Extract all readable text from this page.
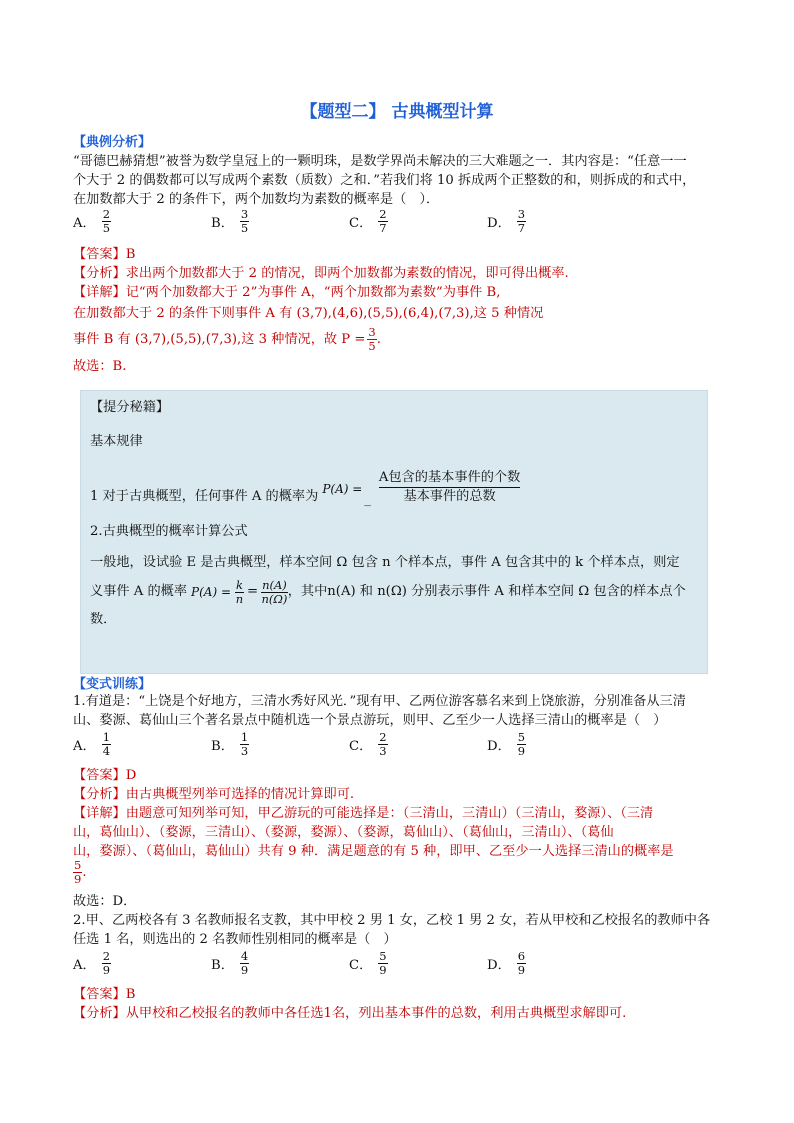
【题型二】 古典概型计算
【典例分析】
“哥德巴赫猜想”被誉为数学皇冠上的一颗明珠，是数学界尚未解决的三大难题之一．其内容是：“任意一一
个大于 2 的偶数都可以写成两个素数（质数）之和．”若我们将 10 拆成两个正整数的和，则拆成的和式中，
在加数都大于 2 的条件下，两个加数均为素数的概率是（　）．
A． $\frac{2}{5}$	B． $\frac{3}{5}$	C． $\frac{2}{7}$	D． $\frac{3}{7}$
【答案】B
【分析】求出两个加数都大于 2 的情况，即两个加数都为素数的情况，即可得出概率.
【详解】记“两个加数都大于 2”为事件 A，“两个加数都为素数”为事件 B,
在加数都大于 2 的条件下则事件 A 有 (3,7),(4,6),(5,5),(6,4),(7,3),这 5 种情况
事件 B 有 (3,7),(5,5),(7,3),这 3 种情况，故 $P = \frac{3}{5}$ .
故选：B.
【提分秘籍】
基本规律
1 对于古典概型，任何事件 A 的概率为 P(A) =
_
A包含的基本事件的个数
基本事件的总数
2.古典概型的概率计算公式
一般地，设试验 E 是古典概型，样本空间 Ω 包含 n 个样本点，事件 A 包含其中的 k 个样本点，则定
义事件 A 的概率 $P(A) = \frac{k}{n} = \frac{n(A)}{n(\Omega)}$ ，其中n(A) 和 n(Ω) 分别表示事件 A 和样本空间 Ω 包含的样本点个
数．
【变式训练】
1.有道是：“上饶是个好地方，三清水秀好风光．”现有甲、乙两位游客慕名来到上饶旅游，分别准备从三清
山、婺源、葛仙山三个著名景点中随机选一个景点游玩，则甲、乙至少一人选择三清山的概率是（　）
A． $\frac{1}{4}$	B． $\frac{1}{3}$	C． $\frac{2}{3}$	D． $\frac{5}{9}$
【答案】D
【分析】由古典概型列举可选择的情况计算即可.
【详解】由题意可知列举可知，甲乙游玩的可能选择是：（三清山，三清山）（三清山，婺源）、（三清
山，葛仙山）、（婺源，三清山）、（婺源，婺源）、（婺源，葛仙山）、（葛仙山，三清山）、（葛仙
山，婺源）、（葛仙山，葛仙山）共有 9 种．满足题意的有 5 种，即甲、乙至少一人选择三清山的概率是
$\frac{5}{9}$ .
故选：D．
2.甲、乙两校各有 3 名教师报名支教，其中甲校 2 男 1 女，乙校 1 男 2 女，若从甲校和乙校报名的教师中各
任选 1 名，则选出的 2 名教师性别相同的概率是（　）
A． $\frac{2}{9}$	B． $\frac{4}{9}$	C． $\frac{5}{9}$	D． $\frac{6}{9}$
【答案】B
【分析】从甲校和乙校报名的教师中各任选1名，列出基本事件的总数，利用古典概型求解即可.
